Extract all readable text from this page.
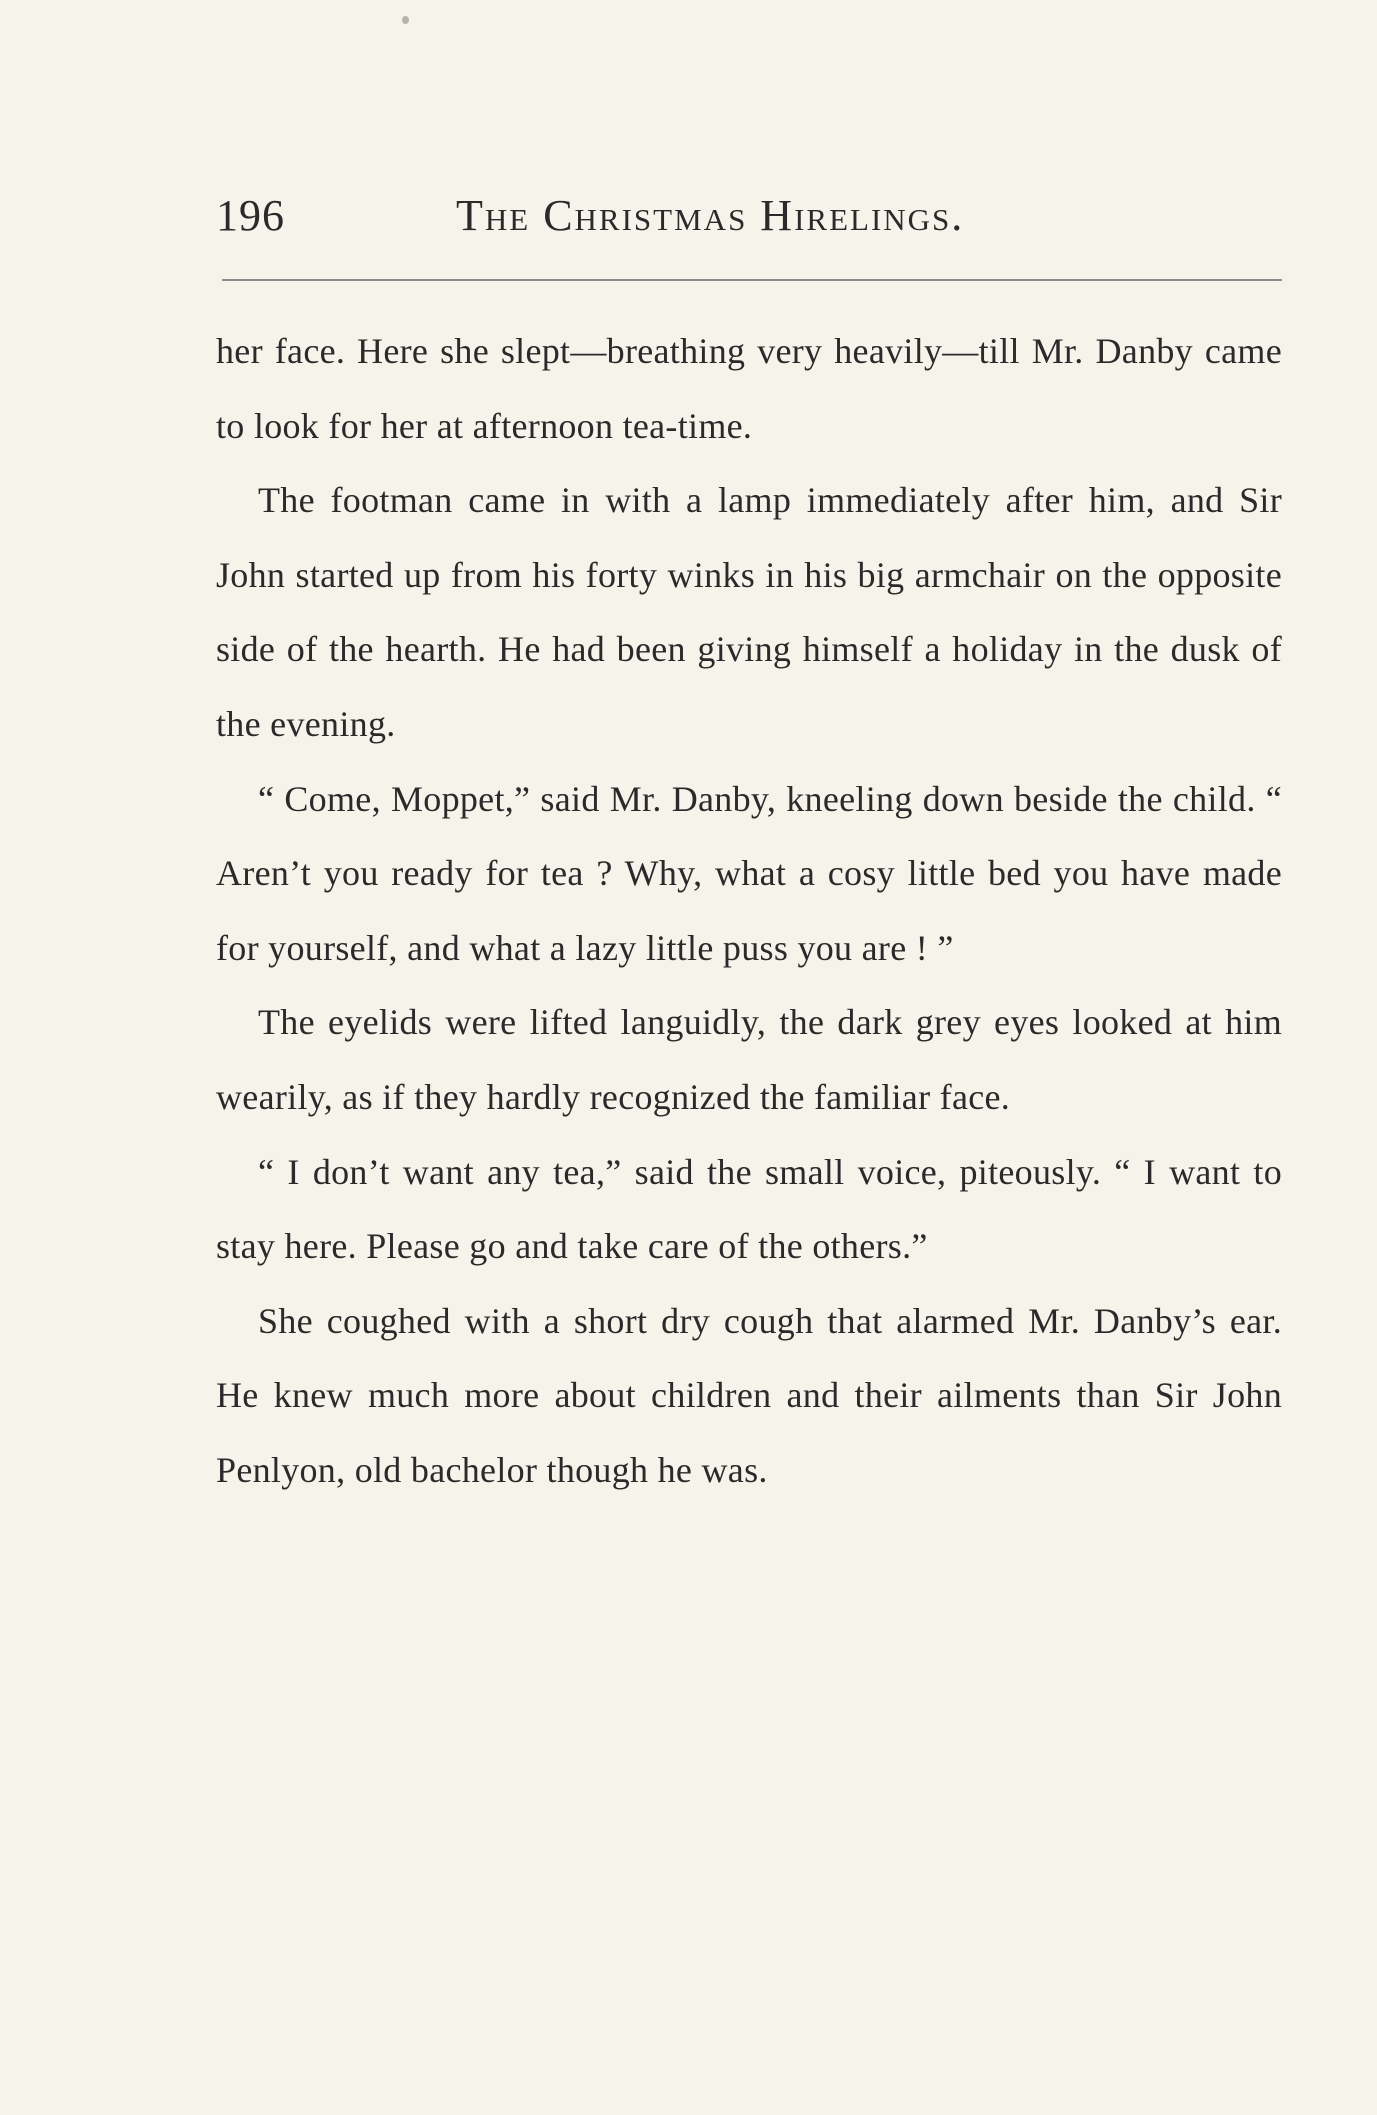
196	The Christmas Hirelings.

her face. Here she slept—breathing very heavily—till Mr. Danby came to look for her at afternoon tea-time.

The footman came in with a lamp immediately after him, and Sir John started up from his forty winks in his big armchair on the opposite side of the hearth. He had been giving himself a holiday in the dusk of the evening.

“ Come, Moppet,” said Mr. Danby, kneeling down beside the child. “ Aren’t you ready for tea ? Why, what a cosy little bed you have made for yourself, and what a lazy little puss you are ! ”

The eyelids were lifted languidly, the dark grey eyes looked at him wearily, as if they hardly recognized the familiar face.

“ I don’t want any tea,” said the small voice, piteously. “ I want to stay here. Please go and take care of the others.”

She coughed with a short dry cough that alarmed Mr. Danby’s ear. He knew much more about children and their ailments than Sir John Penlyon, old bachelor though he was.
